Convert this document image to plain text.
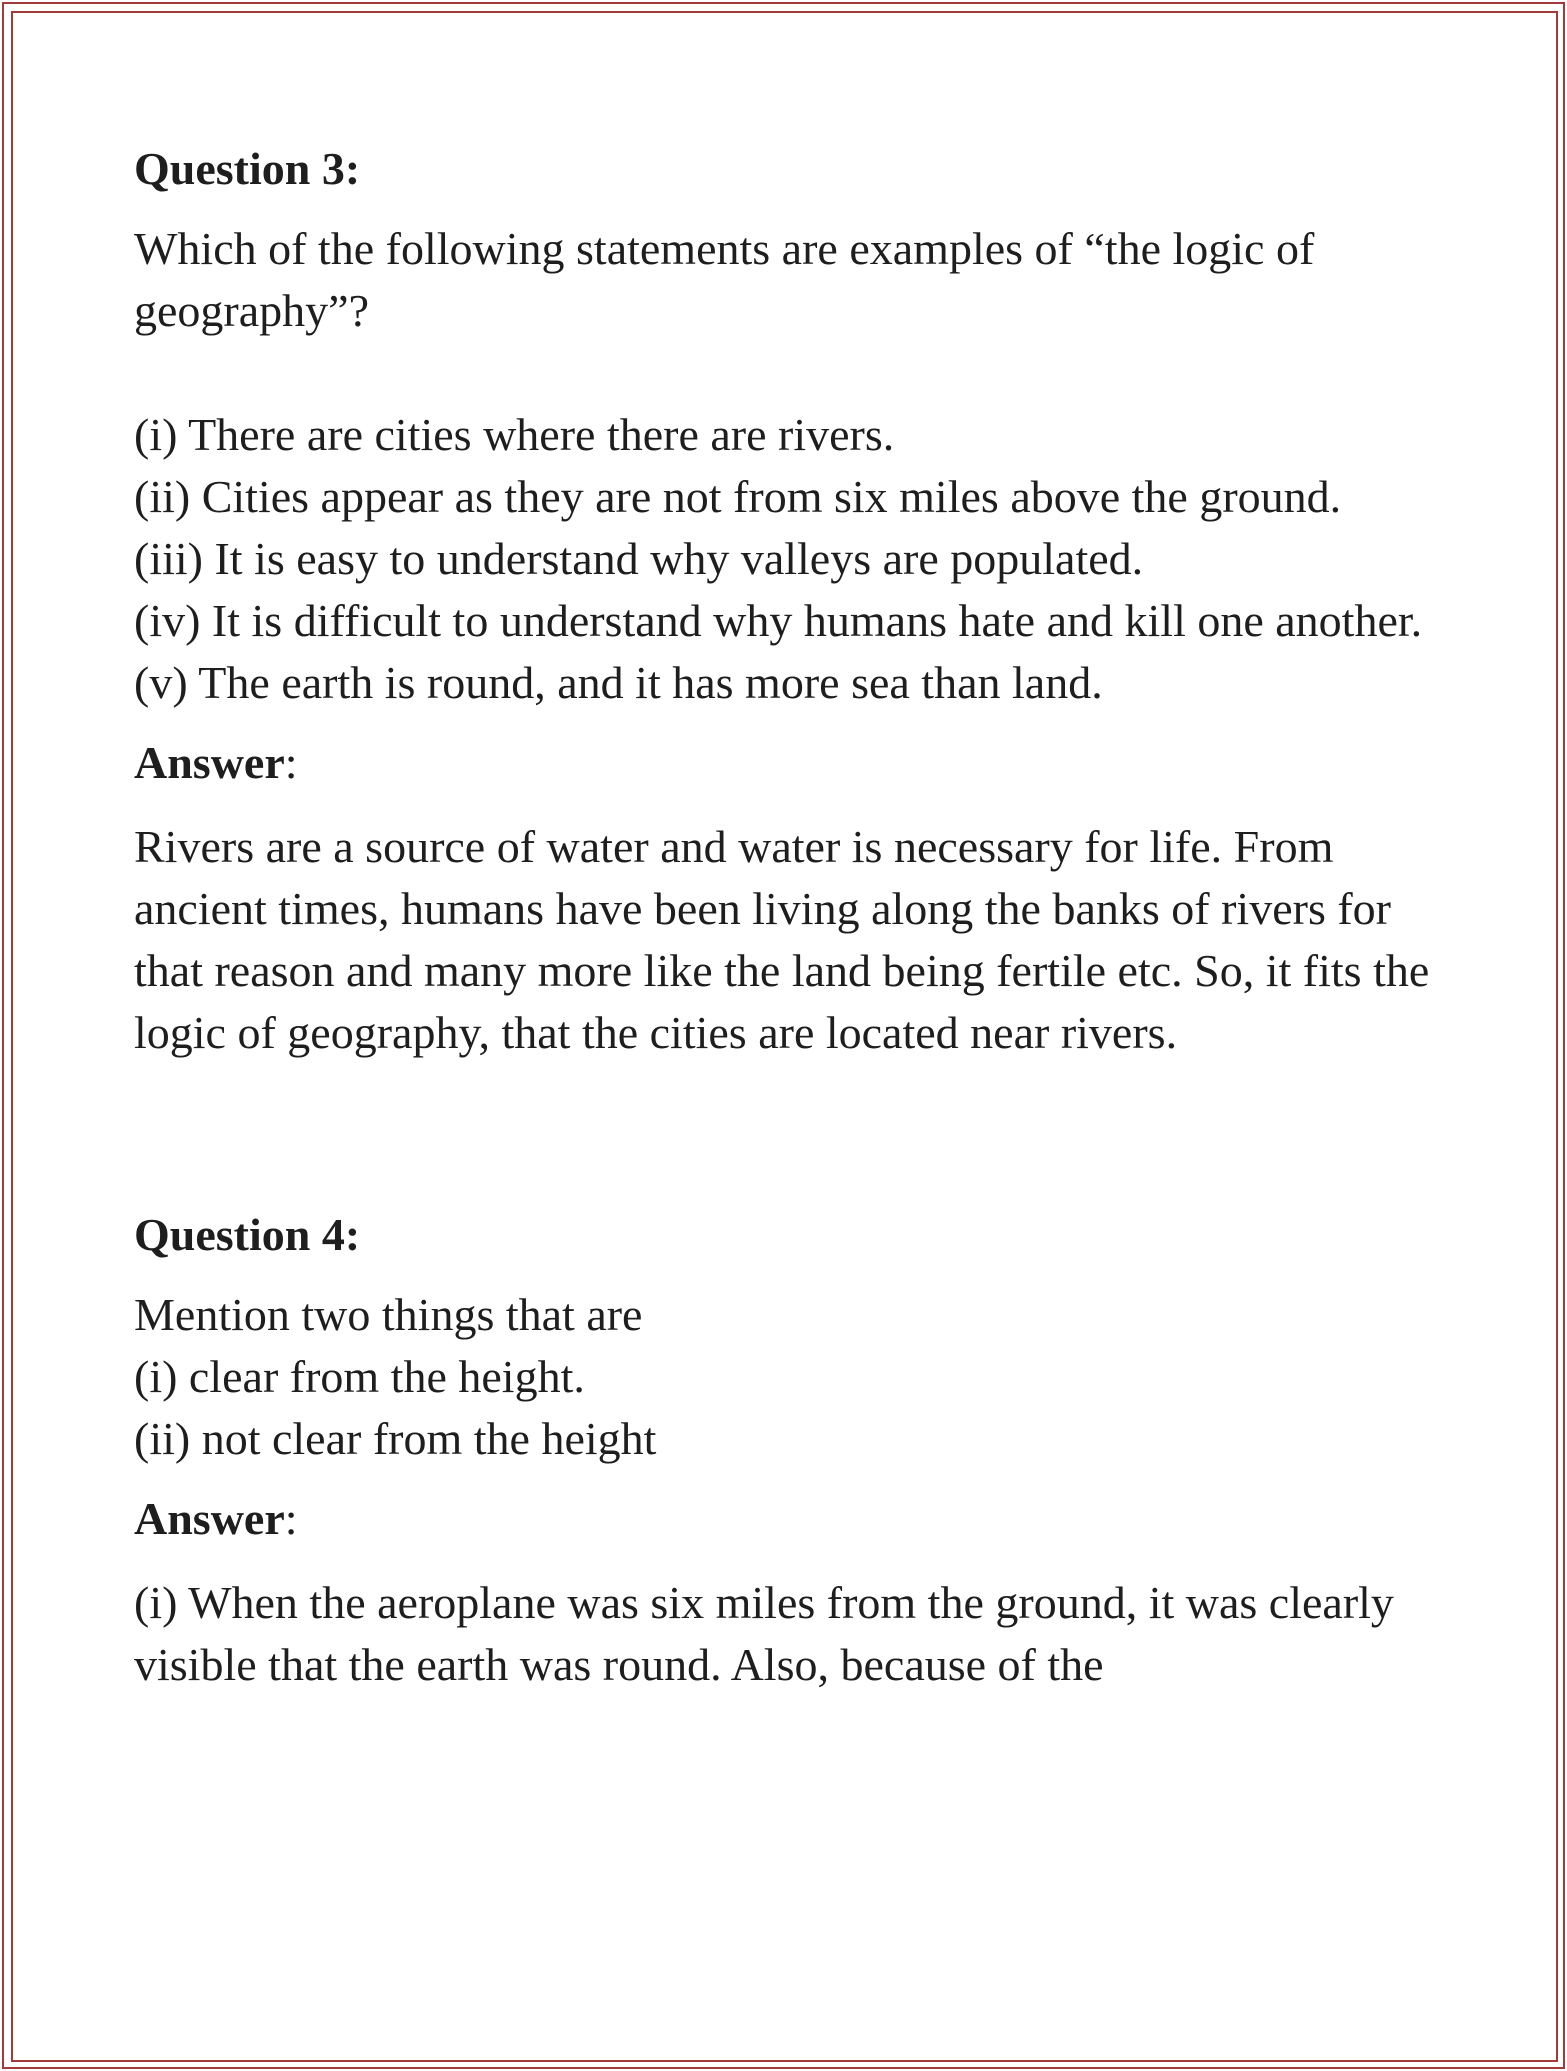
Question 3:

Which of the following statements are examples of “the logic of geography”?

(i) There are cities where there are rivers.
(ii) Cities appear as they are not from six miles above the ground.
(iii) It is easy to understand why valleys are populated.
(iv) It is difficult to understand why humans hate and kill one another.
(v) The earth is round, and it has more sea than land.

Answer:

Rivers are a source of water and water is necessary for life. From ancient times, humans have been living along the banks of rivers for that reason and many more like the land being fertile etc. So, it fits the logic of geography, that the cities are located near rivers.

Question 4:

Mention two things that are
(i) clear from the height.
(ii) not clear from the height

Answer:

(i) When the aeroplane was six miles from the ground, it was clearly visible that the earth was round. Also, because of the
